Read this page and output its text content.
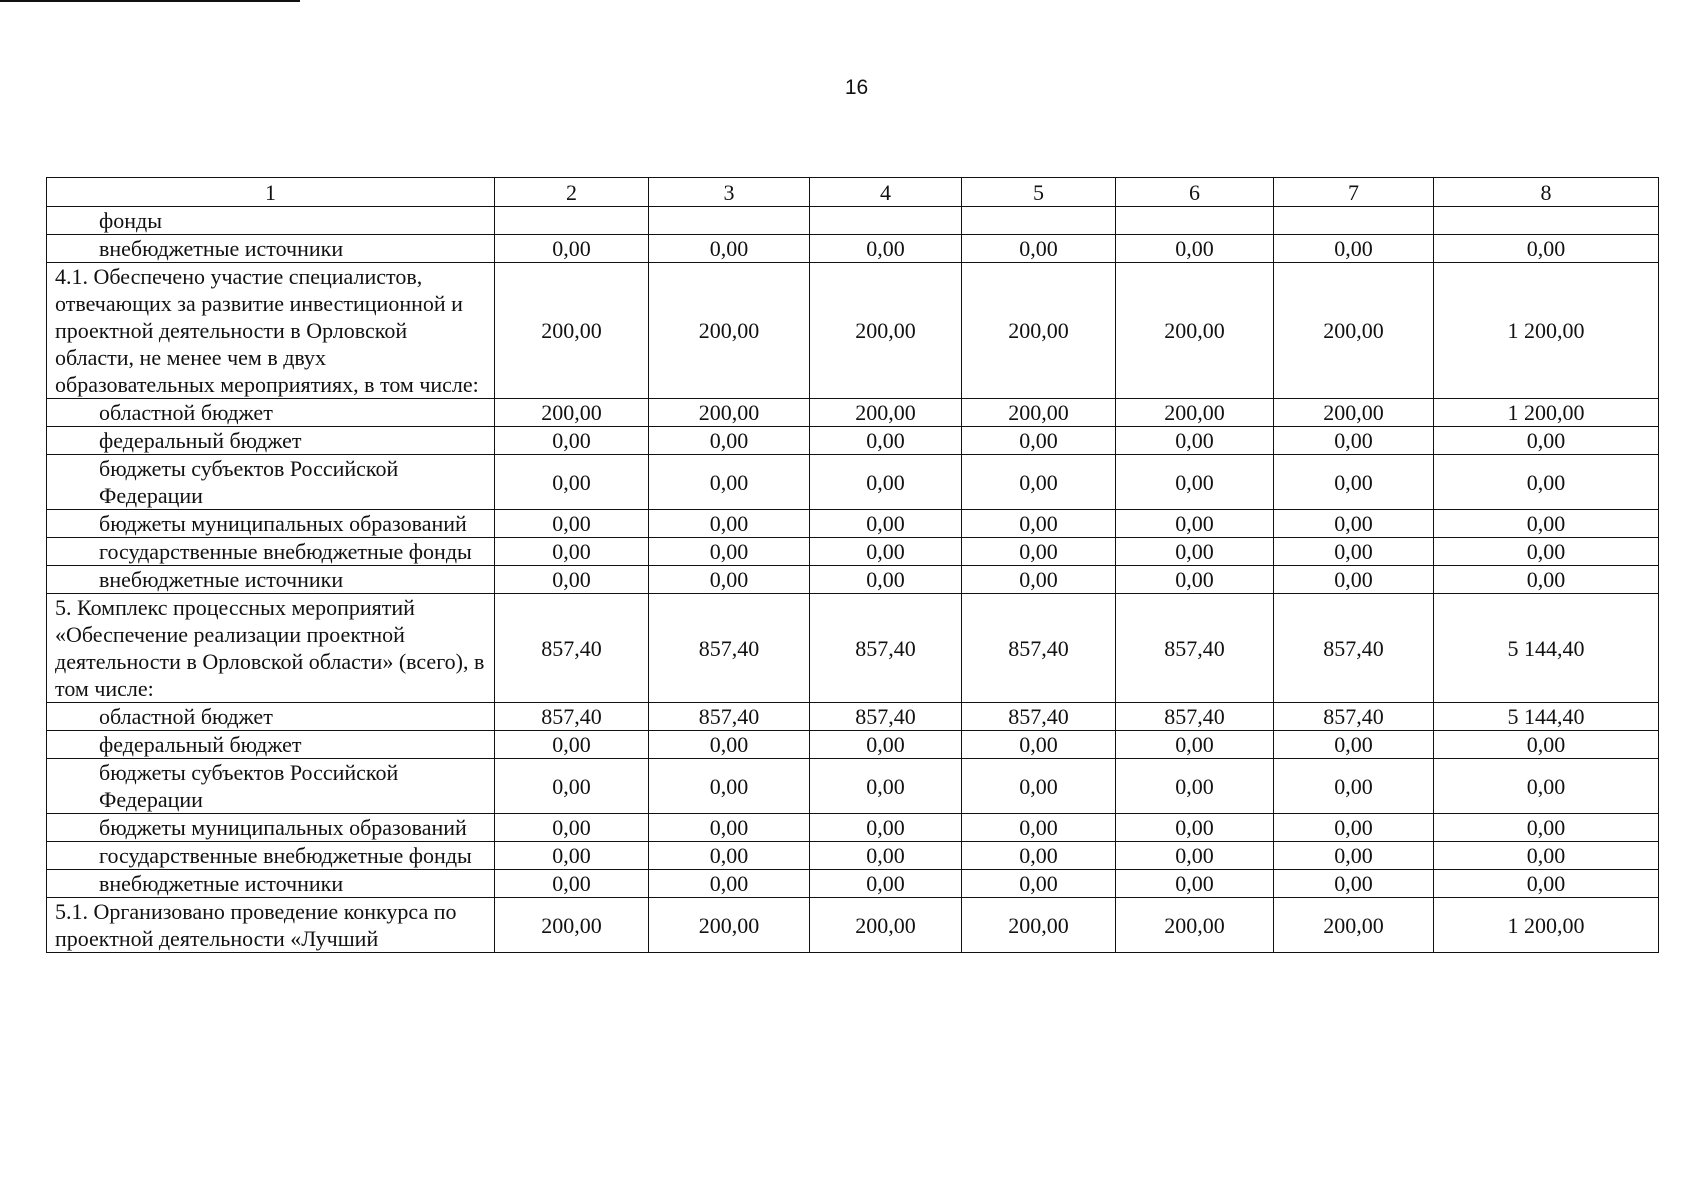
16
1	2	3	4	5	6	7	8
фонды							
внебюджетные источники	0,00	0,00	0,00	0,00	0,00	0,00	0,00
4.1. Обеспечено участие специалистов, отвечающих за развитие инвестиционной и проектной деятельности в Орловской области, не менее чем в двух образовательных мероприятиях, в том числе:	200,00	200,00	200,00	200,00	200,00	200,00	1 200,00
областной бюджет	200,00	200,00	200,00	200,00	200,00	200,00	1 200,00
федеральный бюджет	0,00	0,00	0,00	0,00	0,00	0,00	0,00
бюджеты субъектов Российской Федерации	0,00	0,00	0,00	0,00	0,00	0,00	0,00
бюджеты муниципальных образований	0,00	0,00	0,00	0,00	0,00	0,00	0,00
государственные внебюджетные фонды	0,00	0,00	0,00	0,00	0,00	0,00	0,00
внебюджетные источники	0,00	0,00	0,00	0,00	0,00	0,00	0,00
5. Комплекс процессных мероприятий «Обеспечение реализации проектной деятельности в Орловской области» (всего), в том числе:	857,40	857,40	857,40	857,40	857,40	857,40	5 144,40
областной бюджет	857,40	857,40	857,40	857,40	857,40	857,40	5 144,40
федеральный бюджет	0,00	0,00	0,00	0,00	0,00	0,00	0,00
бюджеты субъектов Российской Федерации	0,00	0,00	0,00	0,00	0,00	0,00	0,00
бюджеты муниципальных образований	0,00	0,00	0,00	0,00	0,00	0,00	0,00
государственные внебюджетные фонды	0,00	0,00	0,00	0,00	0,00	0,00	0,00
внебюджетные источники	0,00	0,00	0,00	0,00	0,00	0,00	0,00
5.1. Организовано проведение конкурса по проектной деятельности «Лучший	200,00	200,00	200,00	200,00	200,00	200,00	1 200,00
